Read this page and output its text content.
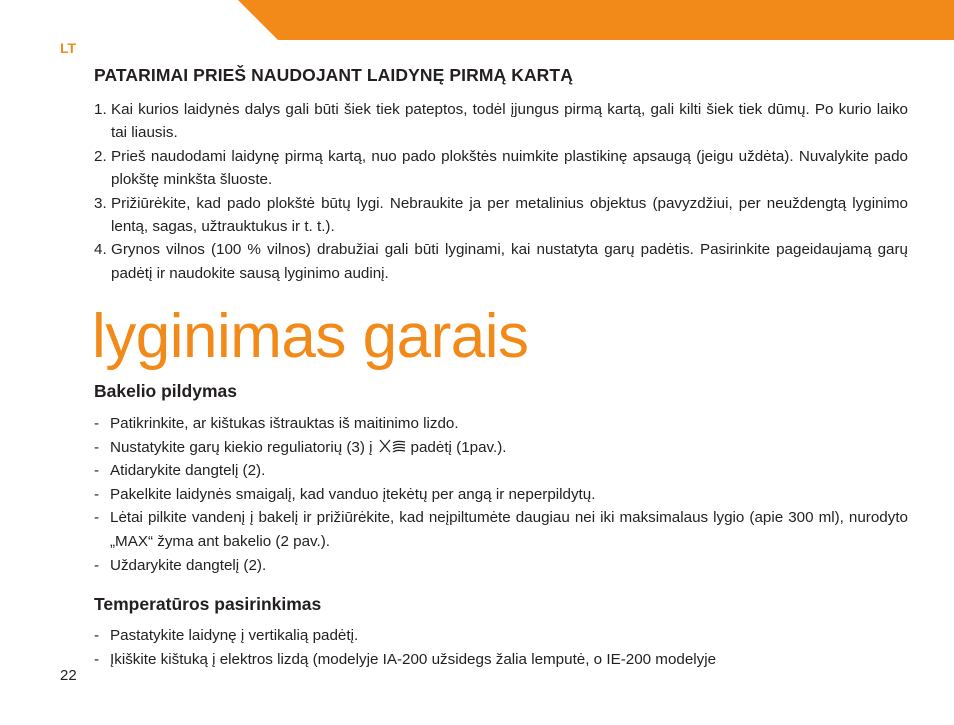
LT
PATARIMAI PRIEŠ NAUDOJANT LAIDYNĘ PIRMĄ KARTĄ
1. Kai kurios laidynės dalys gali būti šiek tiek pateptos, todėl įjungus pirmą kartą, gali kilti šiek tiek dūmų. Po kurio laiko tai liausis.
2. Prieš naudodami laidynę pirmą kartą, nuo pado plokštės nuimkite plastikinę apsaugą (jeigu uždėta). Nuvalykite pado plokštę minkšta šluoste.
3. Prižiūrėkite, kad pado plokštė būtų lygi. Nebraukite ja per metalinius objektus (pavyzdžiui, per neuždengtą lyginimo lentą, sagas, užtrauktukus ir t. t.).
4. Grynos vilnos (100 % vilnos) drabužiai gali būti lyginami, kai nustatyta garų padėtis. Pasirinkite pageidaujamą garų padėtį ir naudokite sausą lyginimo audinį.
lyginimas garais
Bakelio pildymas
- Patikrinkite, ar kištukas ištrauktas iš maitinimo lizdo.
- Nustatykite garų kiekio reguliatorių (3) į	padėtį (1pav.).
- Atidarykite dangtelį (2).
- Pakelkite laidynės smaigalį, kad vanduo įtekėtų per angą ir neperpildytų.
- Lėtai pilkite vandenį į bakelį ir prižiūrėkite, kad neįpiltumėte daugiau nei iki maksimalaus lygio (apie 300 ml), nurodyto „MAX“ žyma ant bakelio (2 pav.).
- Uždarykite dangtelį (2).
Temperatūros pasirinkimas
- Pastatykite laidynę į vertikalią padėtį.
- Įkiškite kištuką į elektros lizdą (modelyje IA-200 užsidegs žalia lemputė, o IE-200 modelyje
22
